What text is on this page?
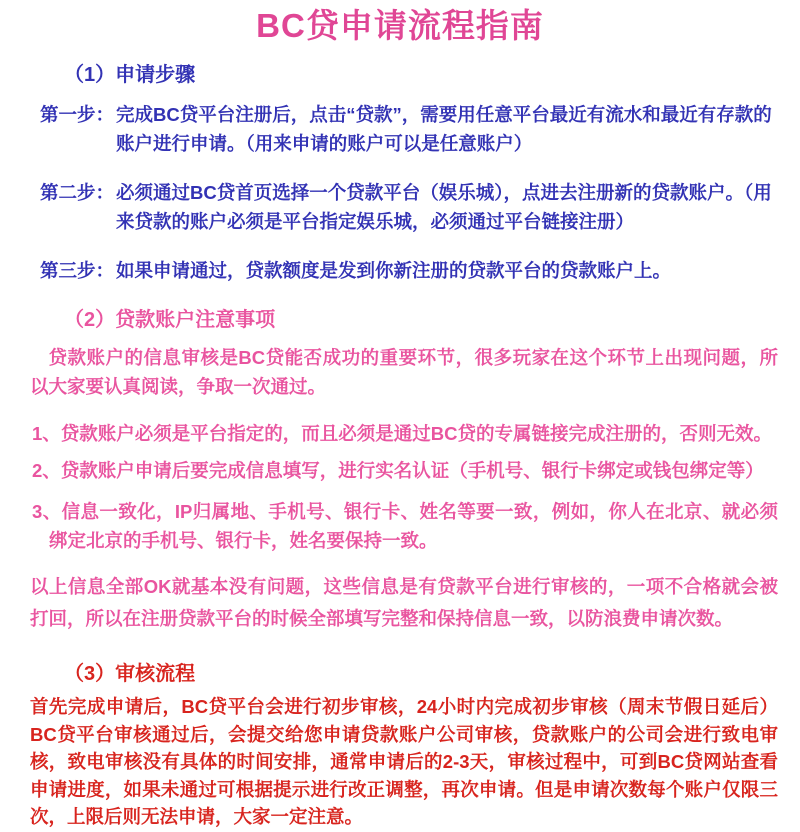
BC贷申请流程指南
（1）申请步骤
第一步： 完成BC贷平台注册后，点击“贷款”，需要用任意平台最近有流水和最近有存款的账户进行申请。（用来申请的账户可以是任意账户）
第二步： 必须通过BC贷首页选择一个贷款平台（娱乐城），点进去注册新的贷款账户。（用来贷款的账户必须是平台指定娱乐城，必须通过平台链接注册）
第三步： 如果申请通过，贷款额度是发到你新注册的贷款平台的贷款账户上。
（2）贷款账户注意事项

贷款账户的信息审核是BC贷能否成功的重要环节，很多玩家在这个环节上出现问题，所以大家要认真阅读，争取一次通过。

1、贷款账户必须是平台指定的，而且必须是通过BC贷的专属链接完成注册的，否则无效。
2、贷款账户申请后要完成信息填写，进行实名认证（手机号、银行卡绑定或钱包绑定等）
3、信息一致化，IP归属地、手机号、银行卡、姓名等要一致，例如，你人在北京、就必须绑定北京的手机号、银行卡，姓名要保持一致。

以上信息全部OK就基本没有问题，这些信息是有贷款平台进行审核的，一项不合格就会被打回，所以在注册贷款平台的时候全部填写完整和保持信息一致，以防浪费申请次数。

（3）审核流程

首先完成申请后，BC贷平台会进行初步审核，24小时内完成初步审核（周末节假日延后）BC贷平台审核通过后，会提交给您申请贷款账户公司审核，贷款账户的公司会进行致电审核，致电审核没有具体的时间安排，通常申请后的2-3天，审核过程中，可到BC贷网站查看申请进度，如果未通过可根据提示进行改正调整，再次申请。但是申请次数每个账户仅限三次，上限后则无法申请，大家一定注意。
